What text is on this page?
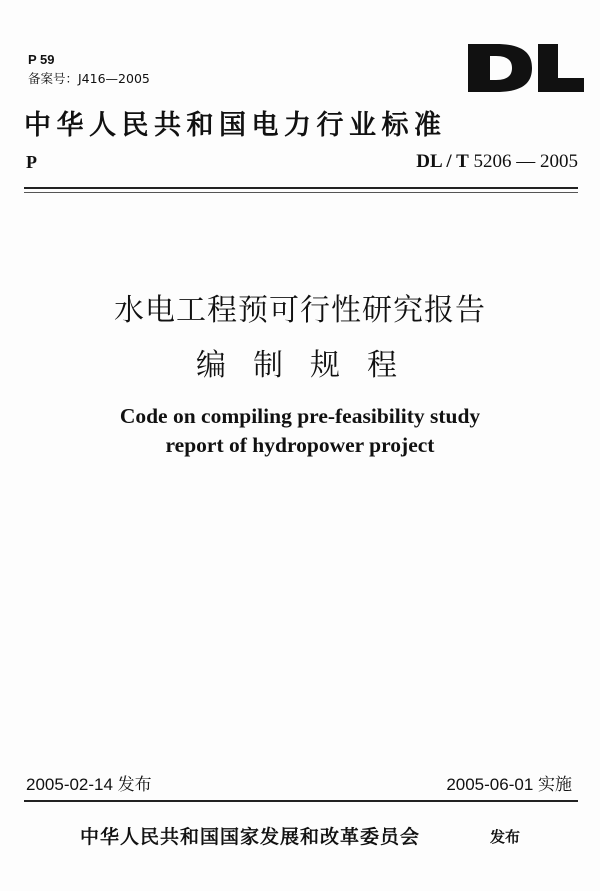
P 59
备案号：J416—2005
中华人民共和国电力行业标准
P	DL / T 5206 — 2005
水电工程预可行性研究报告
编制规程
Code on compiling pre-feasibility study
report of hydropower project
2005-02-14 发布	2005-06-01 实施
中华人民共和国国家发展和改革委员会	发布
